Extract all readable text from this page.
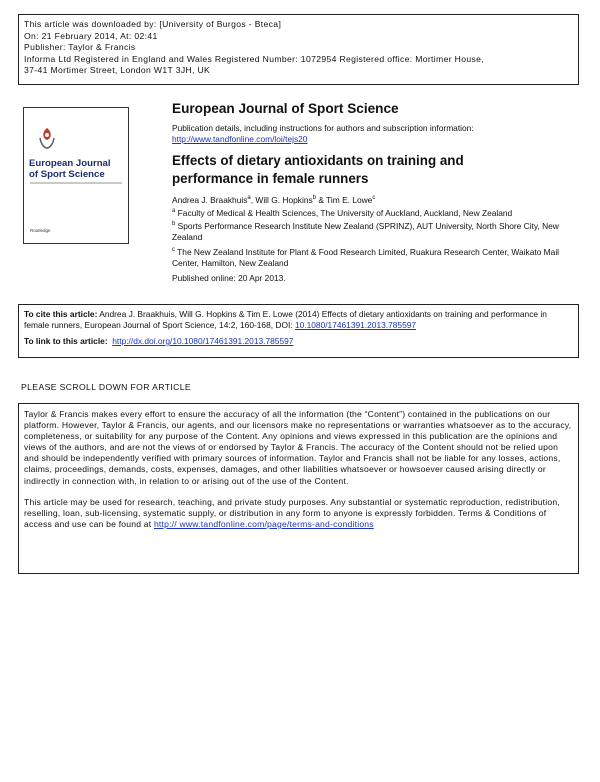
This article was downloaded by: [University of Burgos - Bteca]
On: 21 February 2014, At: 02:41
Publisher: Taylor & Francis
Informa Ltd Registered in England and Wales Registered Number: 1072954 Registered office: Mortimer House,
37-41 Mortimer Street, London W1T 3JH, UK
European Journal
of Sport Science
Routledge
European Journal of Sport Science
Publication details, including instructions for authors and subscription information:
http://www.tandfonline.com/loi/tejs20
Effects of dietary antioxidants on training and
performance in female runners
Andrea J. Braakhuis$^a$, Will G. Hopkins$^b$ & Tim E. Lowe$^c$
$^a$ Faculty of Medical & Health Sciences, The University of Auckland, Auckland, New Zealand
$^b$ Sports Performance Research Institute New Zealand (SPRINZ), AUT University, North Shore City, New Zealand
$^c$ The New Zealand Institute for Plant & Food Research Limited, Ruakura Research Center, Waikato Mail Center, Hamilton, New Zealand
Published online: 20 Apr 2013.
To cite this article: Andrea J. Braakhuis, Will G. Hopkins & Tim E. Lowe (2014) Effects of dietary antioxidants on training and performance in female runners, European Journal of Sport Science, 14:2, 160-168, DOI: 10.1080/17461391.2013.785597
To link to this article: http://dx.doi.org/10.1080/17461391.2013.785597
PLEASE SCROLL DOWN FOR ARTICLE

Taylor & Francis makes every effort to ensure the accuracy of all the information (the “Content”) contained in the publications on our platform. However, Taylor & Francis, our agents, and our licensors make no representations or warranties whatsoever as to the accuracy, completeness, or suitability for any purpose of the Content. Any opinions and views expressed in this publication are the opinions and views of the authors, and are not the views of or endorsed by Taylor & Francis. The accuracy of the Content should not be relied upon and should be independently verified with primary sources of information. Taylor and Francis shall not be liable for any losses, actions, claims, proceedings, demands, costs, expenses, damages, and other liabilities whatsoever or howsoever caused arising directly or indirectly in connection with, in relation to or arising out of the use of the Content.

This article may be used for research, teaching, and private study purposes. Any substantial or systematic reproduction, redistribution, reselling, loan, sub-licensing, systematic supply, or distribution in any form to anyone is expressly forbidden. Terms & Conditions of access and use can be found at http:// www.tandfonline.com/page/terms-and-conditions
